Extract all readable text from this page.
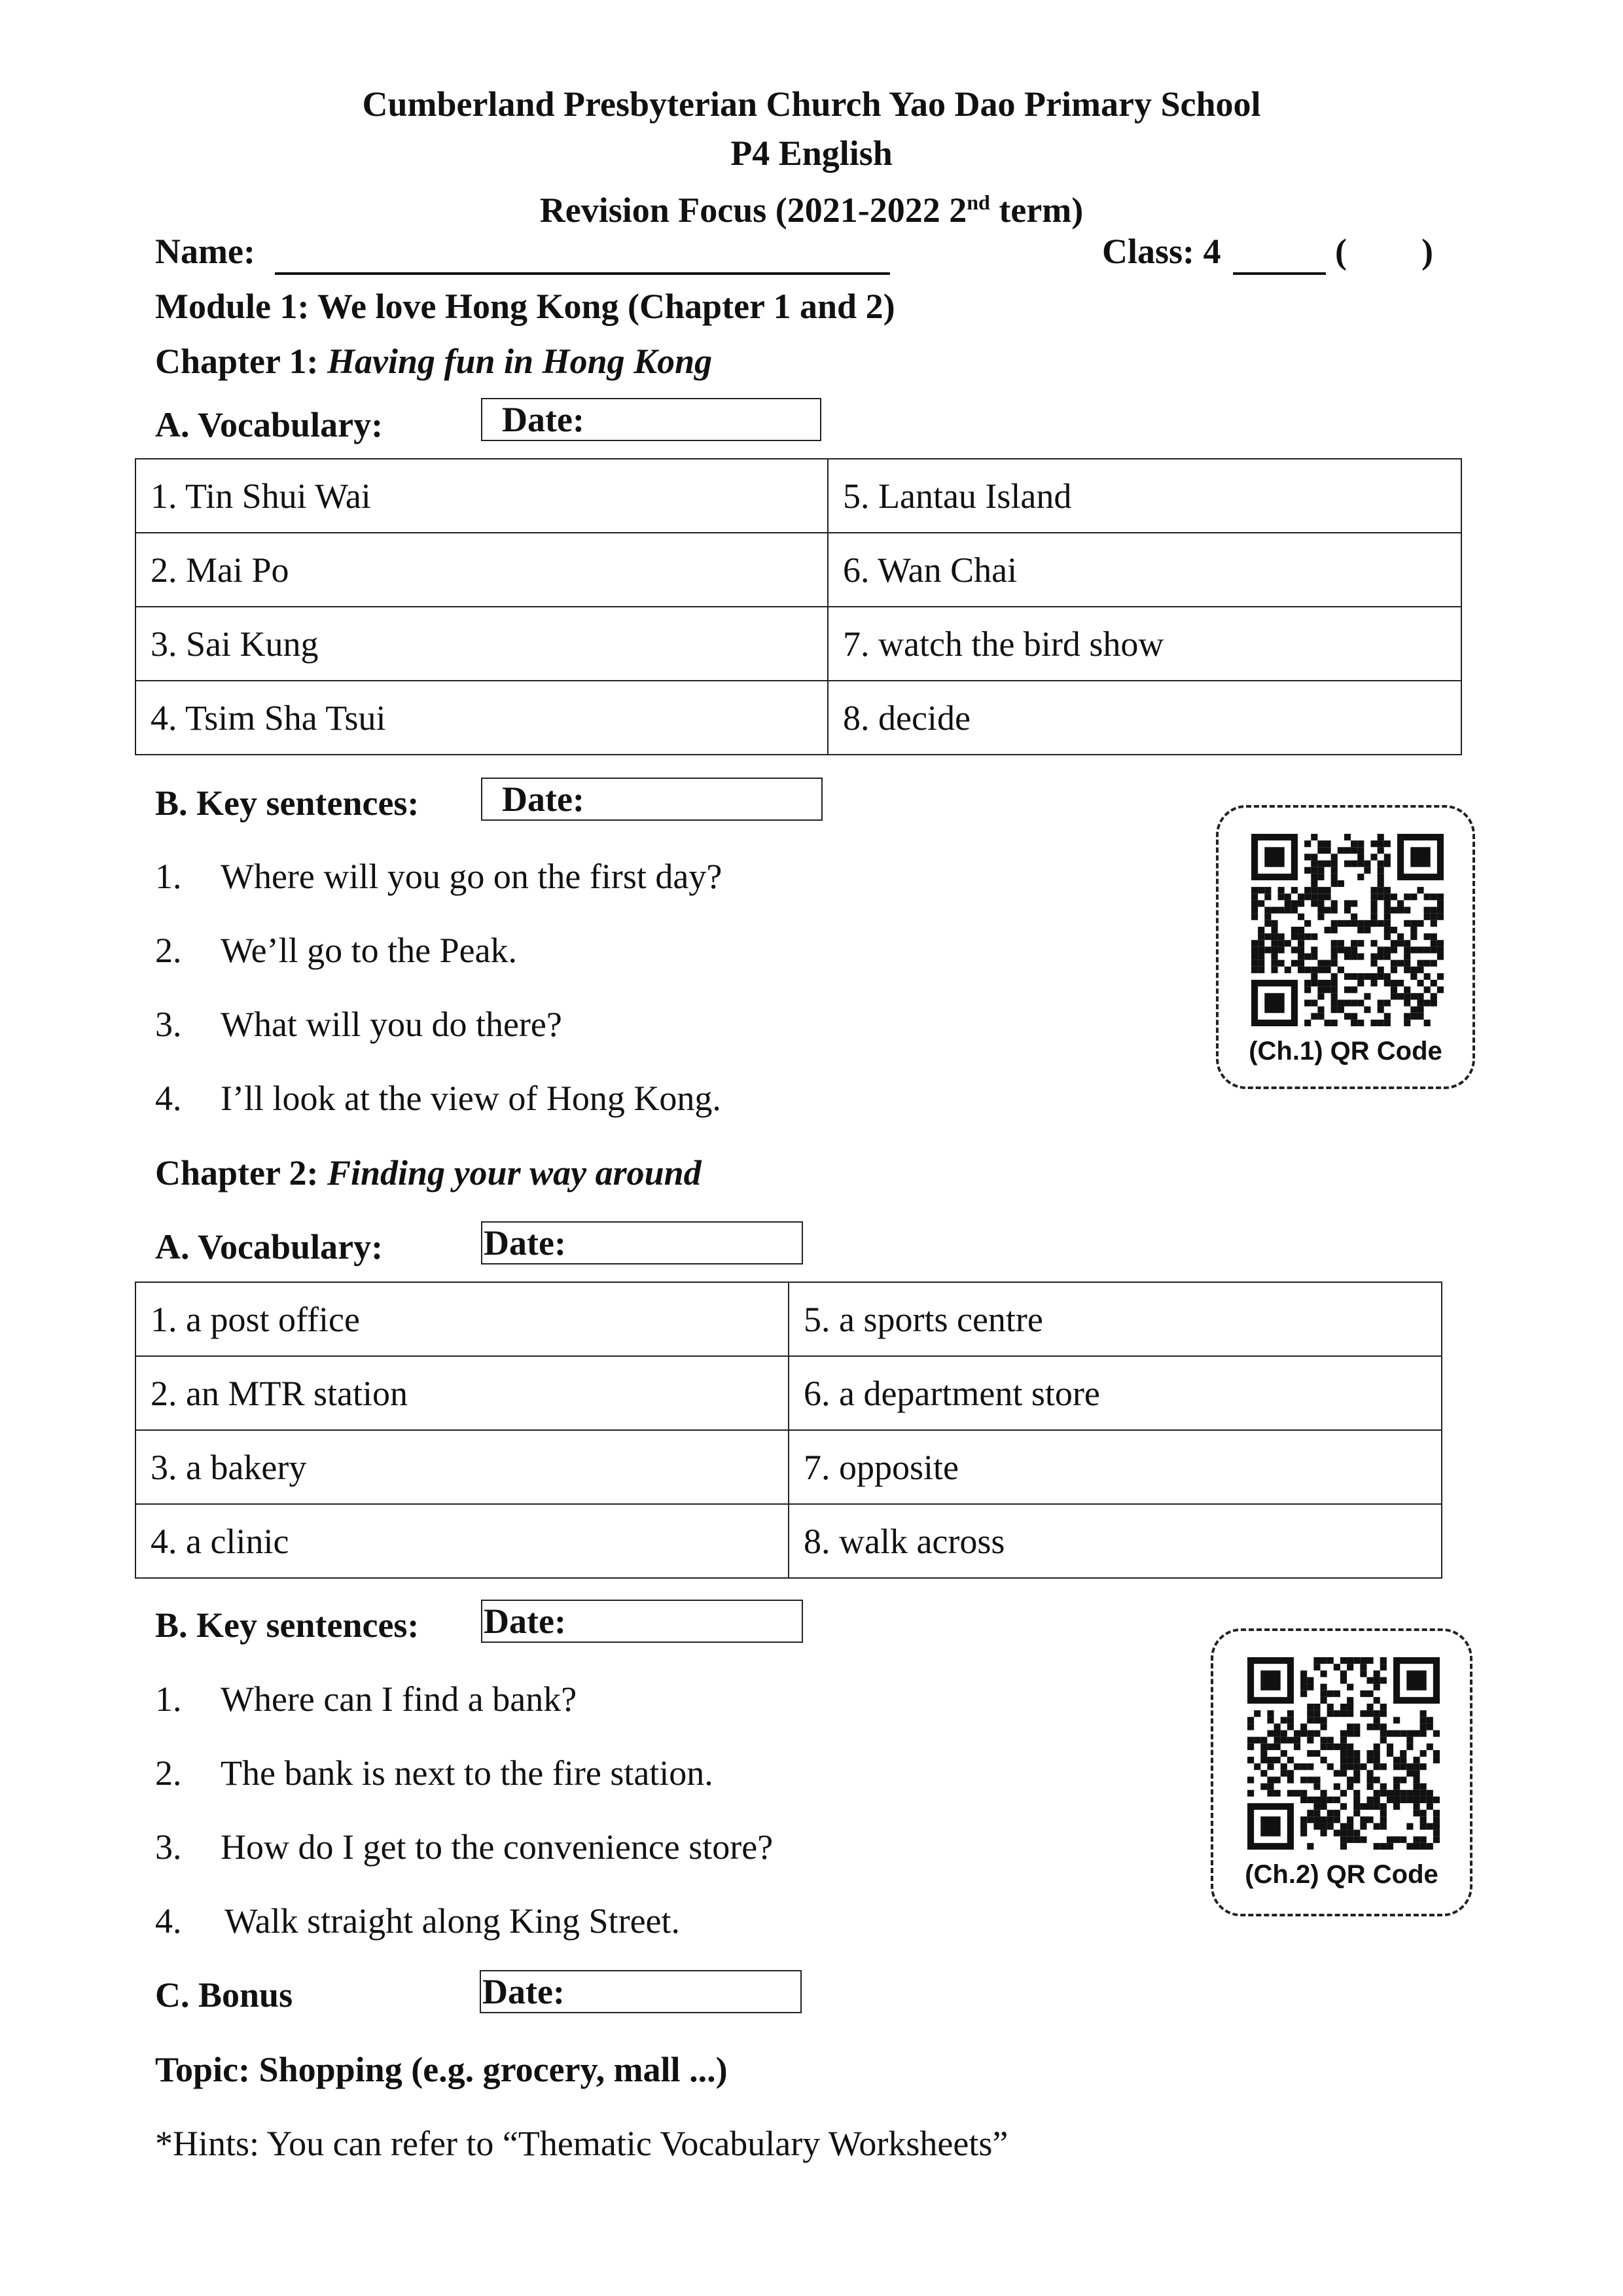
Cumberland Presbyterian Church Yao Dao Primary School
P4 English
Revision Focus (2021-2022 2nd term)
Name:	Class: 4	( )
Module 1: We love Hong Kong (Chapter 1 and 2)
Chapter 1: Having fun in Hong Kong
A. Vocabulary:	Date:
1. Tin Shui Wai	5. Lantau Island
2. Mai Po	6. Wan Chai
3. Sai Kung	7. watch the bird show
4. Tsim Sha Tsui	8. decide
B. Key sentences:	Date:
1. Where will you go on the first day?
2. We’ll go to the Peak.
3. What will you do there?
4. I’ll look at the view of Hong Kong.
(Ch.1) QR Code
Chapter 2: Finding your way around
A. Vocabulary:	Date:
1. a post office	5. a sports centre
2. an MTR station	6. a department store
3. a bakery	7. opposite
4. a clinic	8. walk across
B. Key sentences: Date:
1. Where can I find a bank?
2. The bank is next to the fire station.
3. How do I get to the convenience store?
4. Walk straight along King Street.
(Ch.2) QR Code
C. Bonus	Date:
Topic: Shopping (e.g. grocery, mall ...)
*Hints: You can refer to “Thematic Vocabulary Worksheets”
